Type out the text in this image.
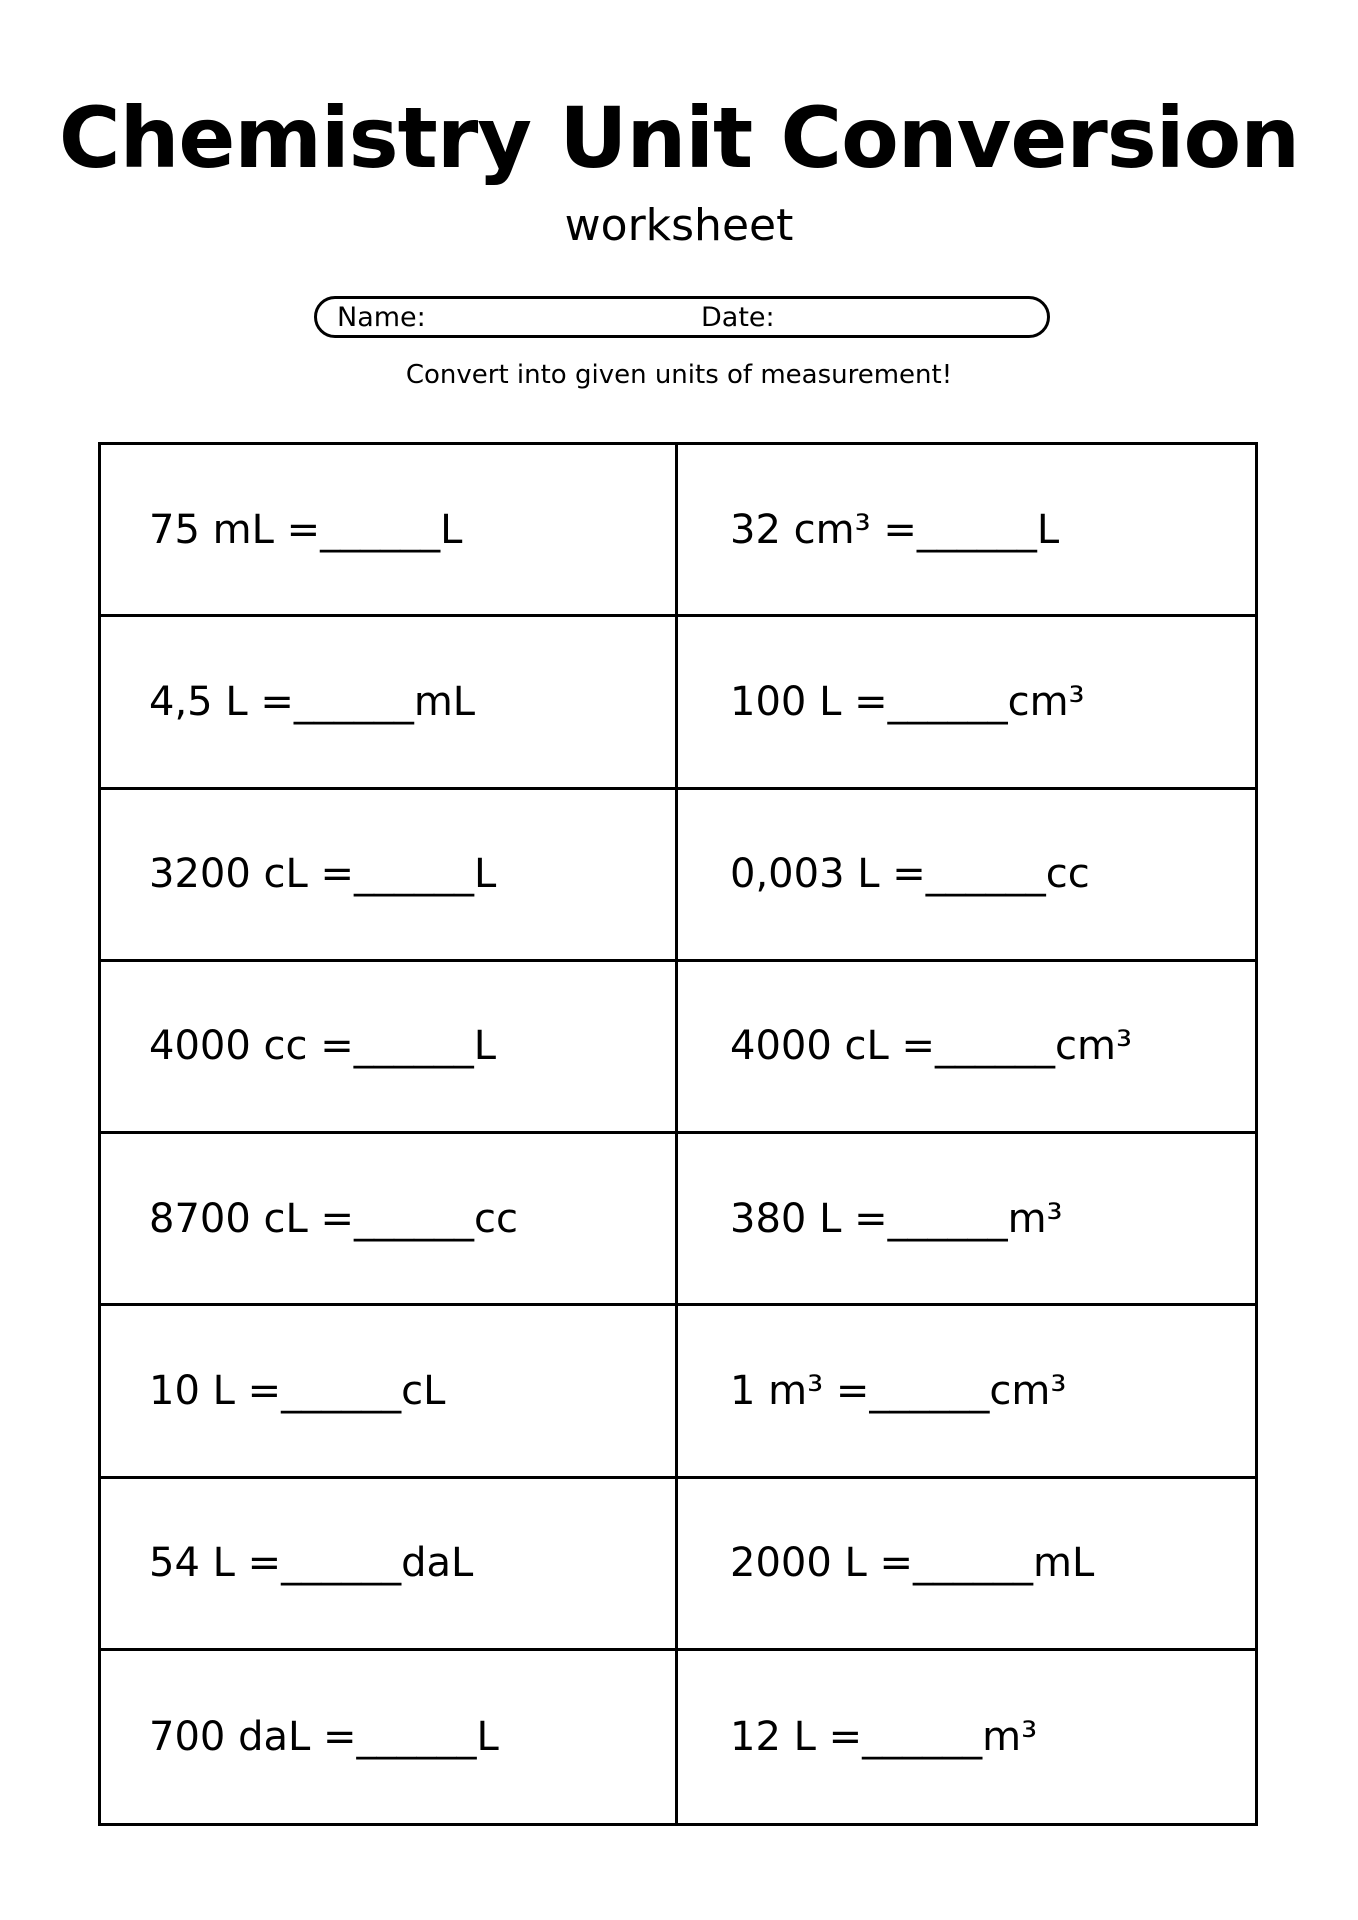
Chemistry Unit Conversion
worksheet
Name:	Date:
Convert into given units of measurement!
75 mL =______L	32 cm³ =______L
4,5 L =______mL	100 L =______cm³
3200 cL =______L	0,003 L =______cc
4000 cc =______L	4000 cL =______cm³
8700 cL =______cc	380 L =______m³
10 L =______cL	1 m³ =______cm³
54 L =______daL	2000 L =______mL
700 daL =______L	12 L =______m³
